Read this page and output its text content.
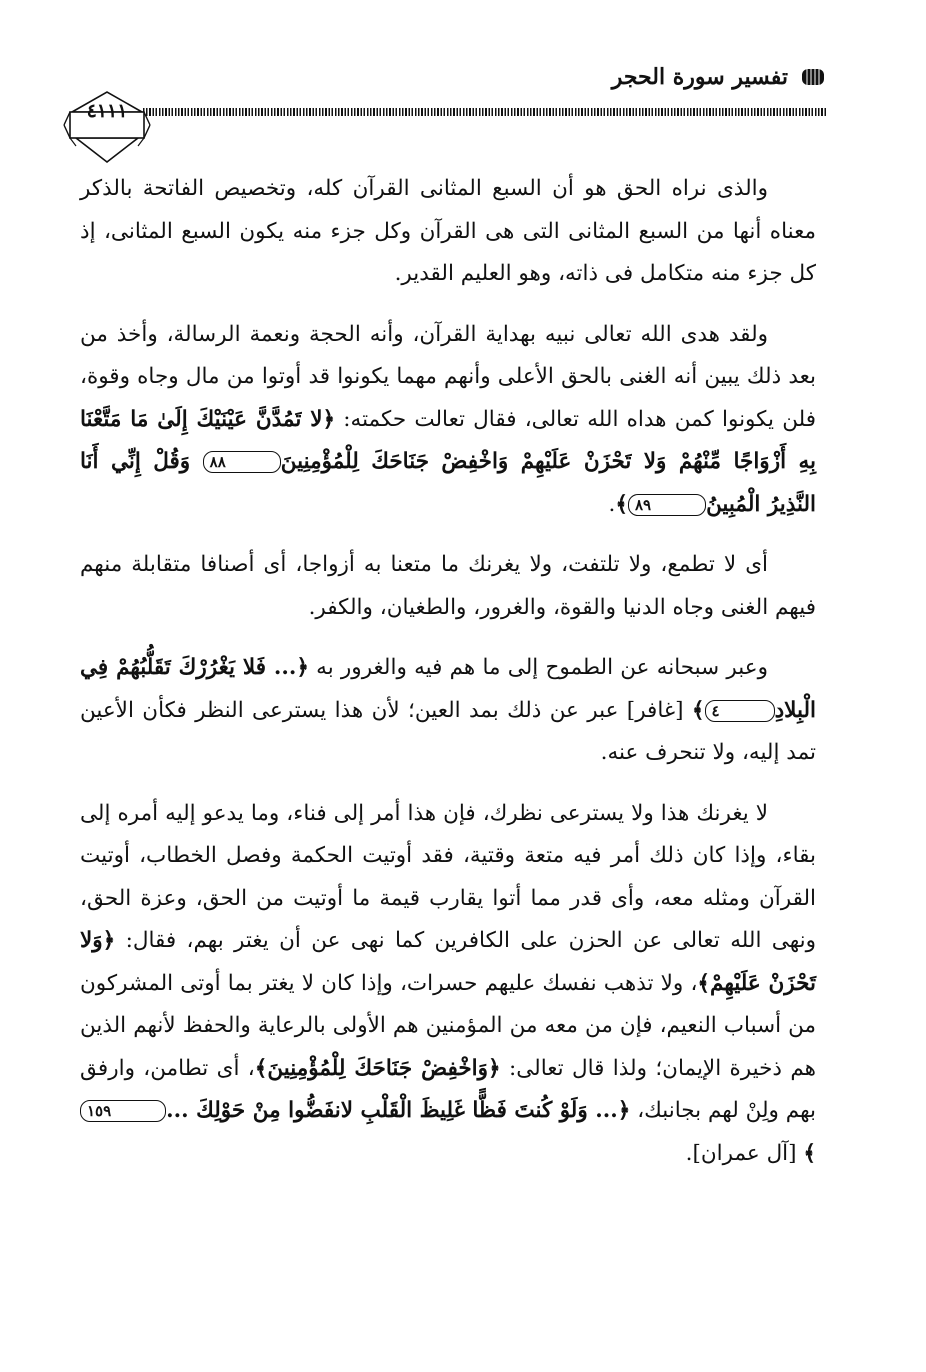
تفسير سورة الحجر
٤١١١

والذى نراه الحق هو أن السبع المثانى القرآن كله، وتخصيص الفاتحة بالذكر معناه أنها من السبع المثانى التى هى القرآن وكل جزء منه يكون السبع المثانى، إذ كل جزء منه متكامل فى ذاته، وهو العليم القدير.

ولقد هدى الله تعالى نبيه بهداية القرآن، وأنه الحجة ونعمة الرسالة، وأخذ من بعد ذلك يبين أنه الغنى بالحق الأعلى وأنهم مهما يكونوا قد أوتوا من مال وجاه وقوة، فلن يكونوا كمن هداه الله تعالى، فقال تعالت حكمته: ﴿لا تَمُدَّنَّ عَيْنَيْكَ إِلَىٰ مَا مَتَّعْنَا بِهِ أَزْوَاجًا مِّنْهُمْ وَلا تَحْزَنْ عَلَيْهِمْ وَاخْفِضْ جَنَاحَكَ لِلْمُؤْمِنِينَ٨٨ وَقُلْ إِنِّي أَنَا النَّذِيرُ الْمُبِينُ٨٩﴾.

أى لا تطمع، ولا تلتفت، ولا يغرنك ما متعنا به أزواجا، أى أصنافا متقابلة منهم فيهم الغنى وجاه الدنيا والقوة، والغرور، والطغيان، والكفر.

وعبر سبحانه عن الطموح إلى ما هم فيه والغرور به ﴿... فَلا يَغْرُرْكَ تَقَلُّبُهُمْ فِي الْبِلادِ٤﴾ [غافر] عبر عن ذلك بمد العين؛ لأن هذا يسترعى النظر فكأن الأعين تمد إليه، ولا تنحرف عنه.

لا يغرنك هذا ولا يسترعى نظرك، فإن هذا أمر إلى فناء، وما يدعو إليه أمره إلى بقاء، وإذا كان ذلك أمر فيه متعة وقتية، فقد أوتيت الحكمة وفصل الخطاب، أوتيت القرآن ومثله معه، وأى قدر مما أتوا يقارب قيمة ما أوتيت من الحق، وعزة الحق، ونهى الله تعالى عن الحزن على الكافرين كما نهى عن أن يغتر بهم، فقال: ﴿وَلا تَحْزَنْ عَلَيْهِمْ﴾، ولا تذهب نفسك عليهم حسرات، وإذا كان لا يغتر بما أوتى المشركون من أسباب النعيم، فإن من معه من المؤمنين هم الأولى بالرعاية والحفظ لأنهم الذين هم ذخيرة الإيمان؛ ولذا قال تعالى: ﴿وَاخْفِضْ جَنَاحَكَ لِلْمُؤْمِنِينَ﴾، أى تطامن، وارفق بهم ولِنْ لهم بجانبك، ﴿... وَلَوْ كُنتَ فَظًّا غَلِيظَ الْقَلْبِ لانفَضُّوا مِنْ حَوْلِكَ ...١٥٩﴾ [آل عمران].
